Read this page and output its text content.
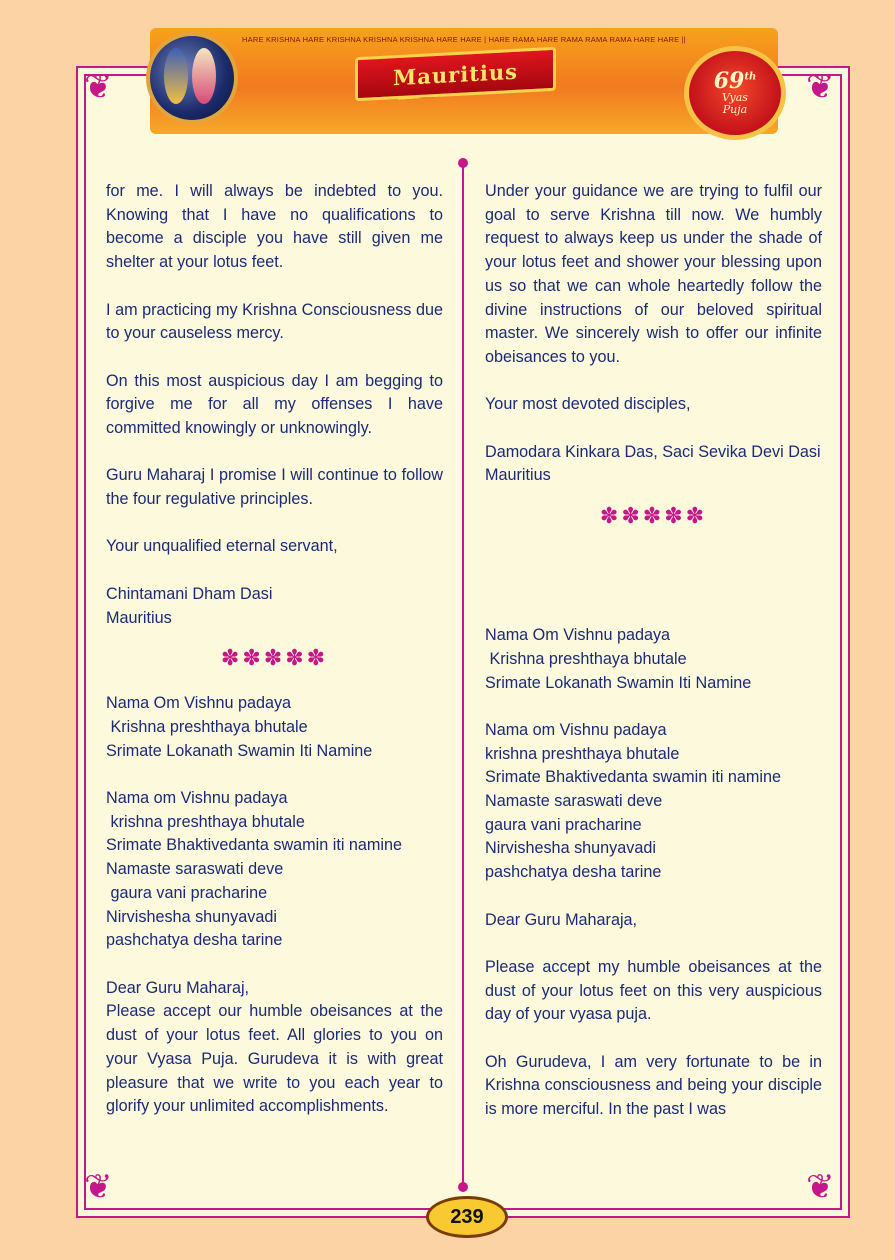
❦	❦
❦	❦
HARE KRISHNA HARE KRISHNA KRISHNA KRISHNA HARE HARE | HARE RAMA HARE RAMA RAMA RAMA HARE HARE ||
Mauritius	69th
Vyas
Puja

for me. I will always be indebted to you. Knowing that I have no qualifications to become a disciple you have still given me shelter at your lotus feet.

I am practicing my Krishna Consciousness due to your causeless mercy.

On this most auspicious day I am begging to forgive me for all my offenses I have committed knowingly or unknowingly.

Guru Maharaj I promise I will continue to follow the four regulative principles.

Your unqualified eternal servant,

Chintamani Dham Dasi
Mauritius

✽✽✽✽✽

Nama Om Vishnu padaya
Krishna preshthaya bhutale
Srimate Lokanath Swamin Iti Namine

Nama om Vishnu padaya
krishna preshthaya bhutale
Srimate Bhaktivedanta swamin iti namine
Namaste saraswati deve
gaura vani pracharine
Nirvishesha shunyavadi
pashchatya desha tarine

Dear Guru Maharaj,

Please accept our humble obeisances at the dust of your lotus feet. All glories to you on your Vyasa Puja. Gurudeva it is with great pleasure that we write to you each year to glorify your unlimited accomplishments.

Under your guidance we are trying to fulfil our goal to serve Krishna till now. We humbly request to always keep us under the shade of your lotus feet and shower your blessing upon us so that we can whole heartedly follow the divine instructions of our beloved spiritual master. We sincerely wish to offer our infinite obeisances to you.

Your most devoted disciples,

Damodara Kinkara Das, Saci Sevika Devi Dasi
Mauritius

✽✽✽✽✽

Nama Om Vishnu padaya
Krishna preshthaya bhutale
Srimate Lokanath Swamin Iti Namine

Nama om Vishnu padaya
krishna preshthaya bhutale
Srimate Bhaktivedanta swamin iti namine
Namaste saraswati deve
gaura vani pracharine
Nirvishesha shunyavadi
pashchatya desha tarine

Dear Guru Maharaja,

Please accept my humble obeisances at the dust of your lotus feet on this very auspicious day of your vyasa puja.

Oh Gurudeva, I am very fortunate to be in Krishna consciousness and being your disciple is more merciful. In the past I was

239
